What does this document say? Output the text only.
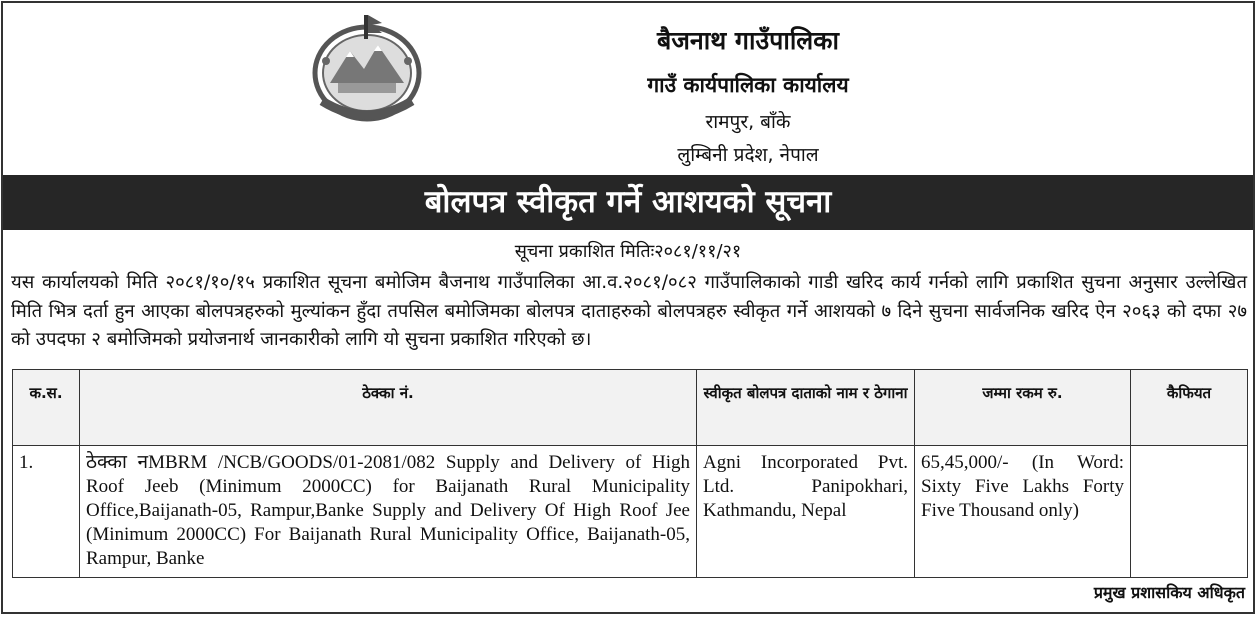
बैजनाथ गाउँपालिका
गाउँ कार्यपालिका कार्यालय
रामपुर, बाँके
लुम्बिनी प्रदेश, नेपाल
बोलपत्र स्वीकृत गर्ने आशयको सूचना
सूचना प्रकाशित मितिः२०८१/११/२१
यस कार्यालयको मिति २०८१/१०/१५ प्रकाशित सूचना बमोजिम बैजनाथ गाउँपालिका आ.व.२०८१/०८२ गाउँपालिकाको गाडी खरिद कार्य गर्नको लागि प्रकाशित सुचना अनुसार उल्लेखित मिति भित्र दर्ता हुन आएका बोलपत्रहरुको मुल्यांकन हुँदा तपसिल बमोजिमका बोलपत्र दाताहरुको बोलपत्रहरु स्वीकृत गर्ने आशयको ७ दिने सुचना सार्वजनिक खरिद ऐन २०६३ को दफा २७ को उपदफा २ बमोजिमको प्रयोजनार्थ जानकारीको लागि यो सुचना प्रकाशित गरिएको छ।
क.स.	ठेक्का नं.	स्वीकृत बोलपत्र दाताको नाम र ठेगाना	जम्मा रकम रु.	कैफियत
1.	ठेक्का नMBRM /NCB/GOODS/01-2081/082 Supply and Delivery of High Roof Jeeb (Minimum 2000CC) for Baijanath Rural Municipality Office,Baijanath-05, Rampur,Banke Supply and Delivery Of High Roof Jee (Minimum 2000CC) For Baijanath Rural Municipality Office, Baijanath-05, Rampur, Banke	Agni Incorporated Pvt. Ltd. Panipokhari, Kathmandu, Nepal	65,45,000/- (In Word: Sixty Five Lakhs Forty Five Thousand only)	
प्रमुख प्रशासकिय अधिकृत
